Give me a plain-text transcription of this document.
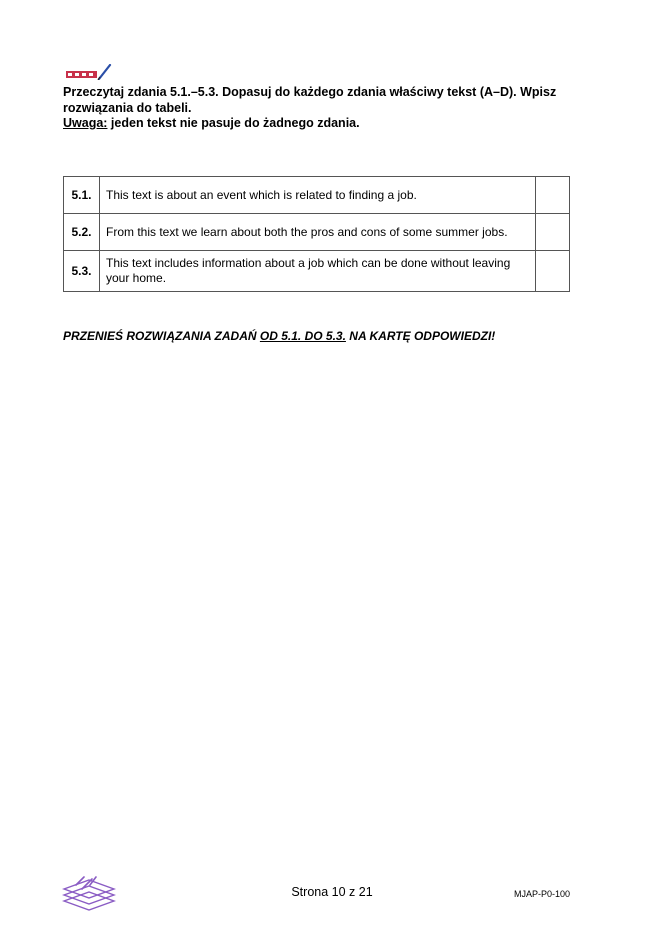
Przeczytaj zdania 5.1.–5.3. Dopasuj do każdego zdania właściwy tekst (A–D). Wpisz
rozwiązania do tabeli.
Uwaga: jeden tekst nie pasuje do żadnego zdania.
5.1.	This text is about an event which is related to finding a job.	
5.2.	From this text we learn about both the pros and cons of some summer jobs.	
5.3.	This text includes information about a job which can be done without leaving your home.	
PRZENIEŚ ROZWIĄZANIA ZADAŃ OD 5.1. DO 5.3. NA KARTĘ ODPOWIEDZI!
Strona 10 z 21	MJAP-P0-100
